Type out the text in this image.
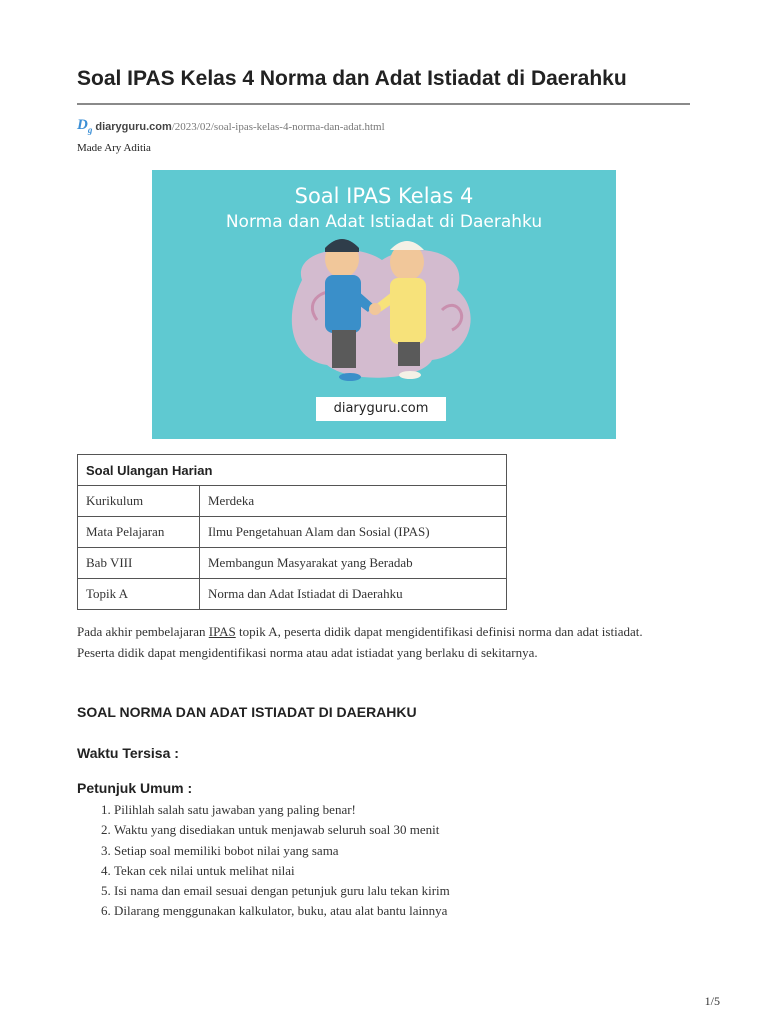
Soal IPAS Kelas 4 Norma dan Adat Istiadat di Daerahku
$D_g$ diaryguru.com /2023/02/soal-ipas-kelas-4-norma-dan-adat.html
Made Ary Aditia
Soal IPAS Kelas 4
Norma dan Adat Istiadat di Daerahku
diaryguru.com
Soal Ulangan Harian	
Kurikulum	Merdeka
Mata Pelajaran	Ilmu Pengetahuan Alam dan Sosial (IPAS)
Bab VIII	Membangun Masyarakat yang Beradab
Topik A	Norma dan Adat Istiadat di Daerahku

Pada akhir pembelajaran IPAS topik A, peserta didik dapat mengidentifikasi definisi norma dan adat istiadat. Peserta didik dapat mengidentifikasi norma atau adat istiadat yang berlaku di sekitarnya.

SOAL NORMA DAN ADAT ISTIADAT DI DAERAHKU
Waktu Tersisa :
Petunjuk Umum :
1. Pilihlah salah satu jawaban yang paling benar!
2. Waktu yang disediakan untuk menjawab seluruh soal 30 menit
3. Setiap soal memiliki bobot nilai yang sama
4. Tekan cek nilai untuk melihat nilai
5. Isi nama dan email sesuai dengan petunjuk guru lalu tekan kirim
6. Dilarang menggunakan kalkulator, buku, atau alat bantu lainnya
1/5
